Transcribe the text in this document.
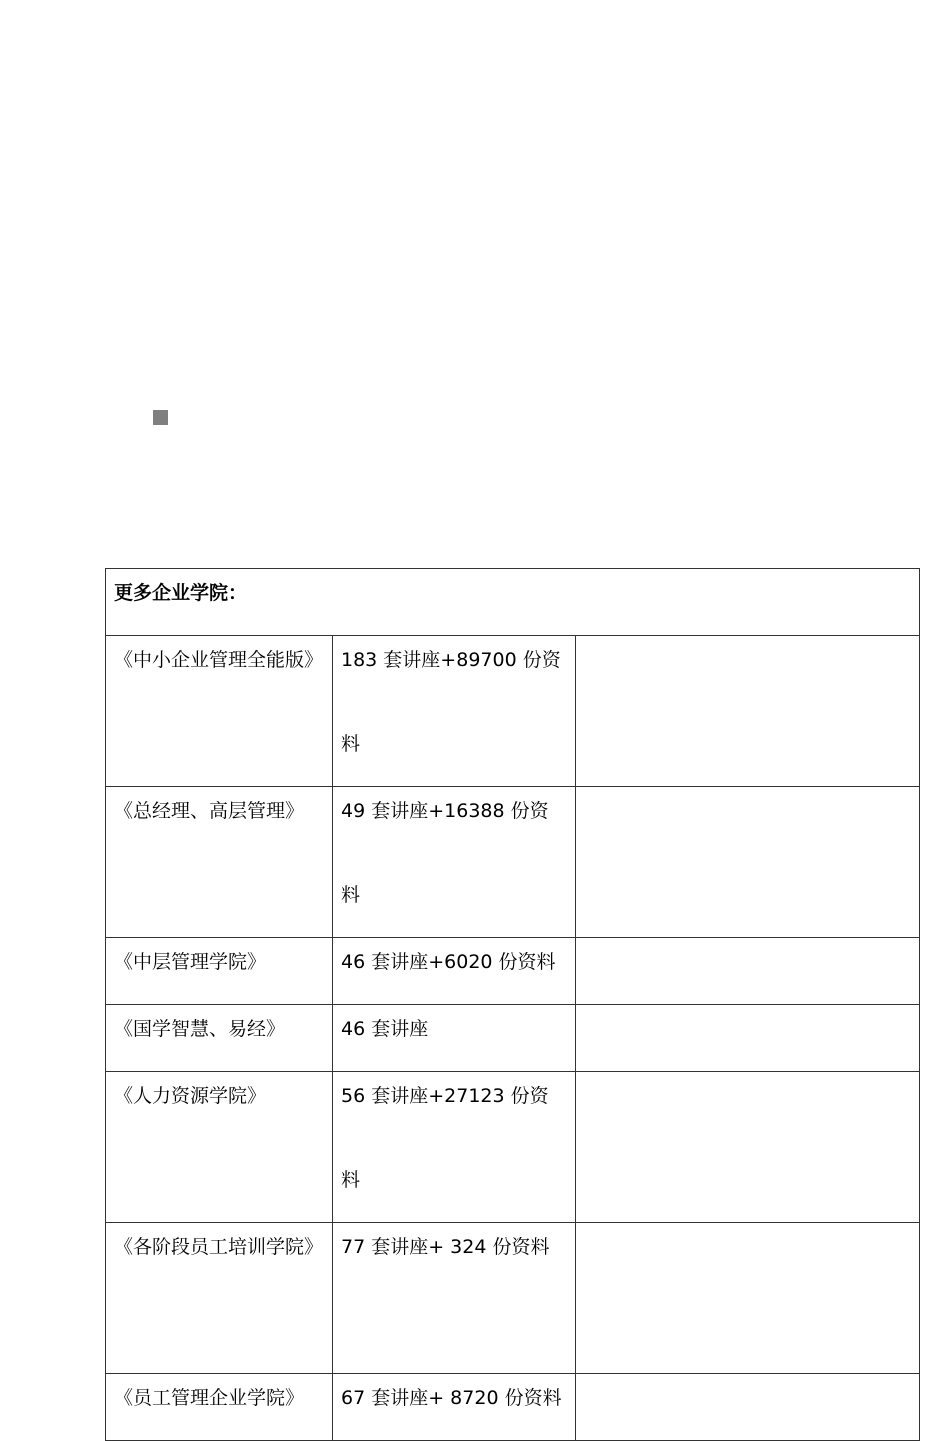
更多企业学院：		

《中小企业管理全能版》	183 套讲座+89700 份资料	

《总经理、高层管理》	49 套讲座+16388 份资料	

《中层管理学院》	46 套讲座+6020 份资料	

《国学智慧、易经》	46 套讲座	

《人力资源学院》	56 套讲座+27123 份资料	

《各阶段员工培训学院》	77 套讲座+ 324 份资料	

《员工管理企业学院》	67 套讲座+ 8720 份资料	
